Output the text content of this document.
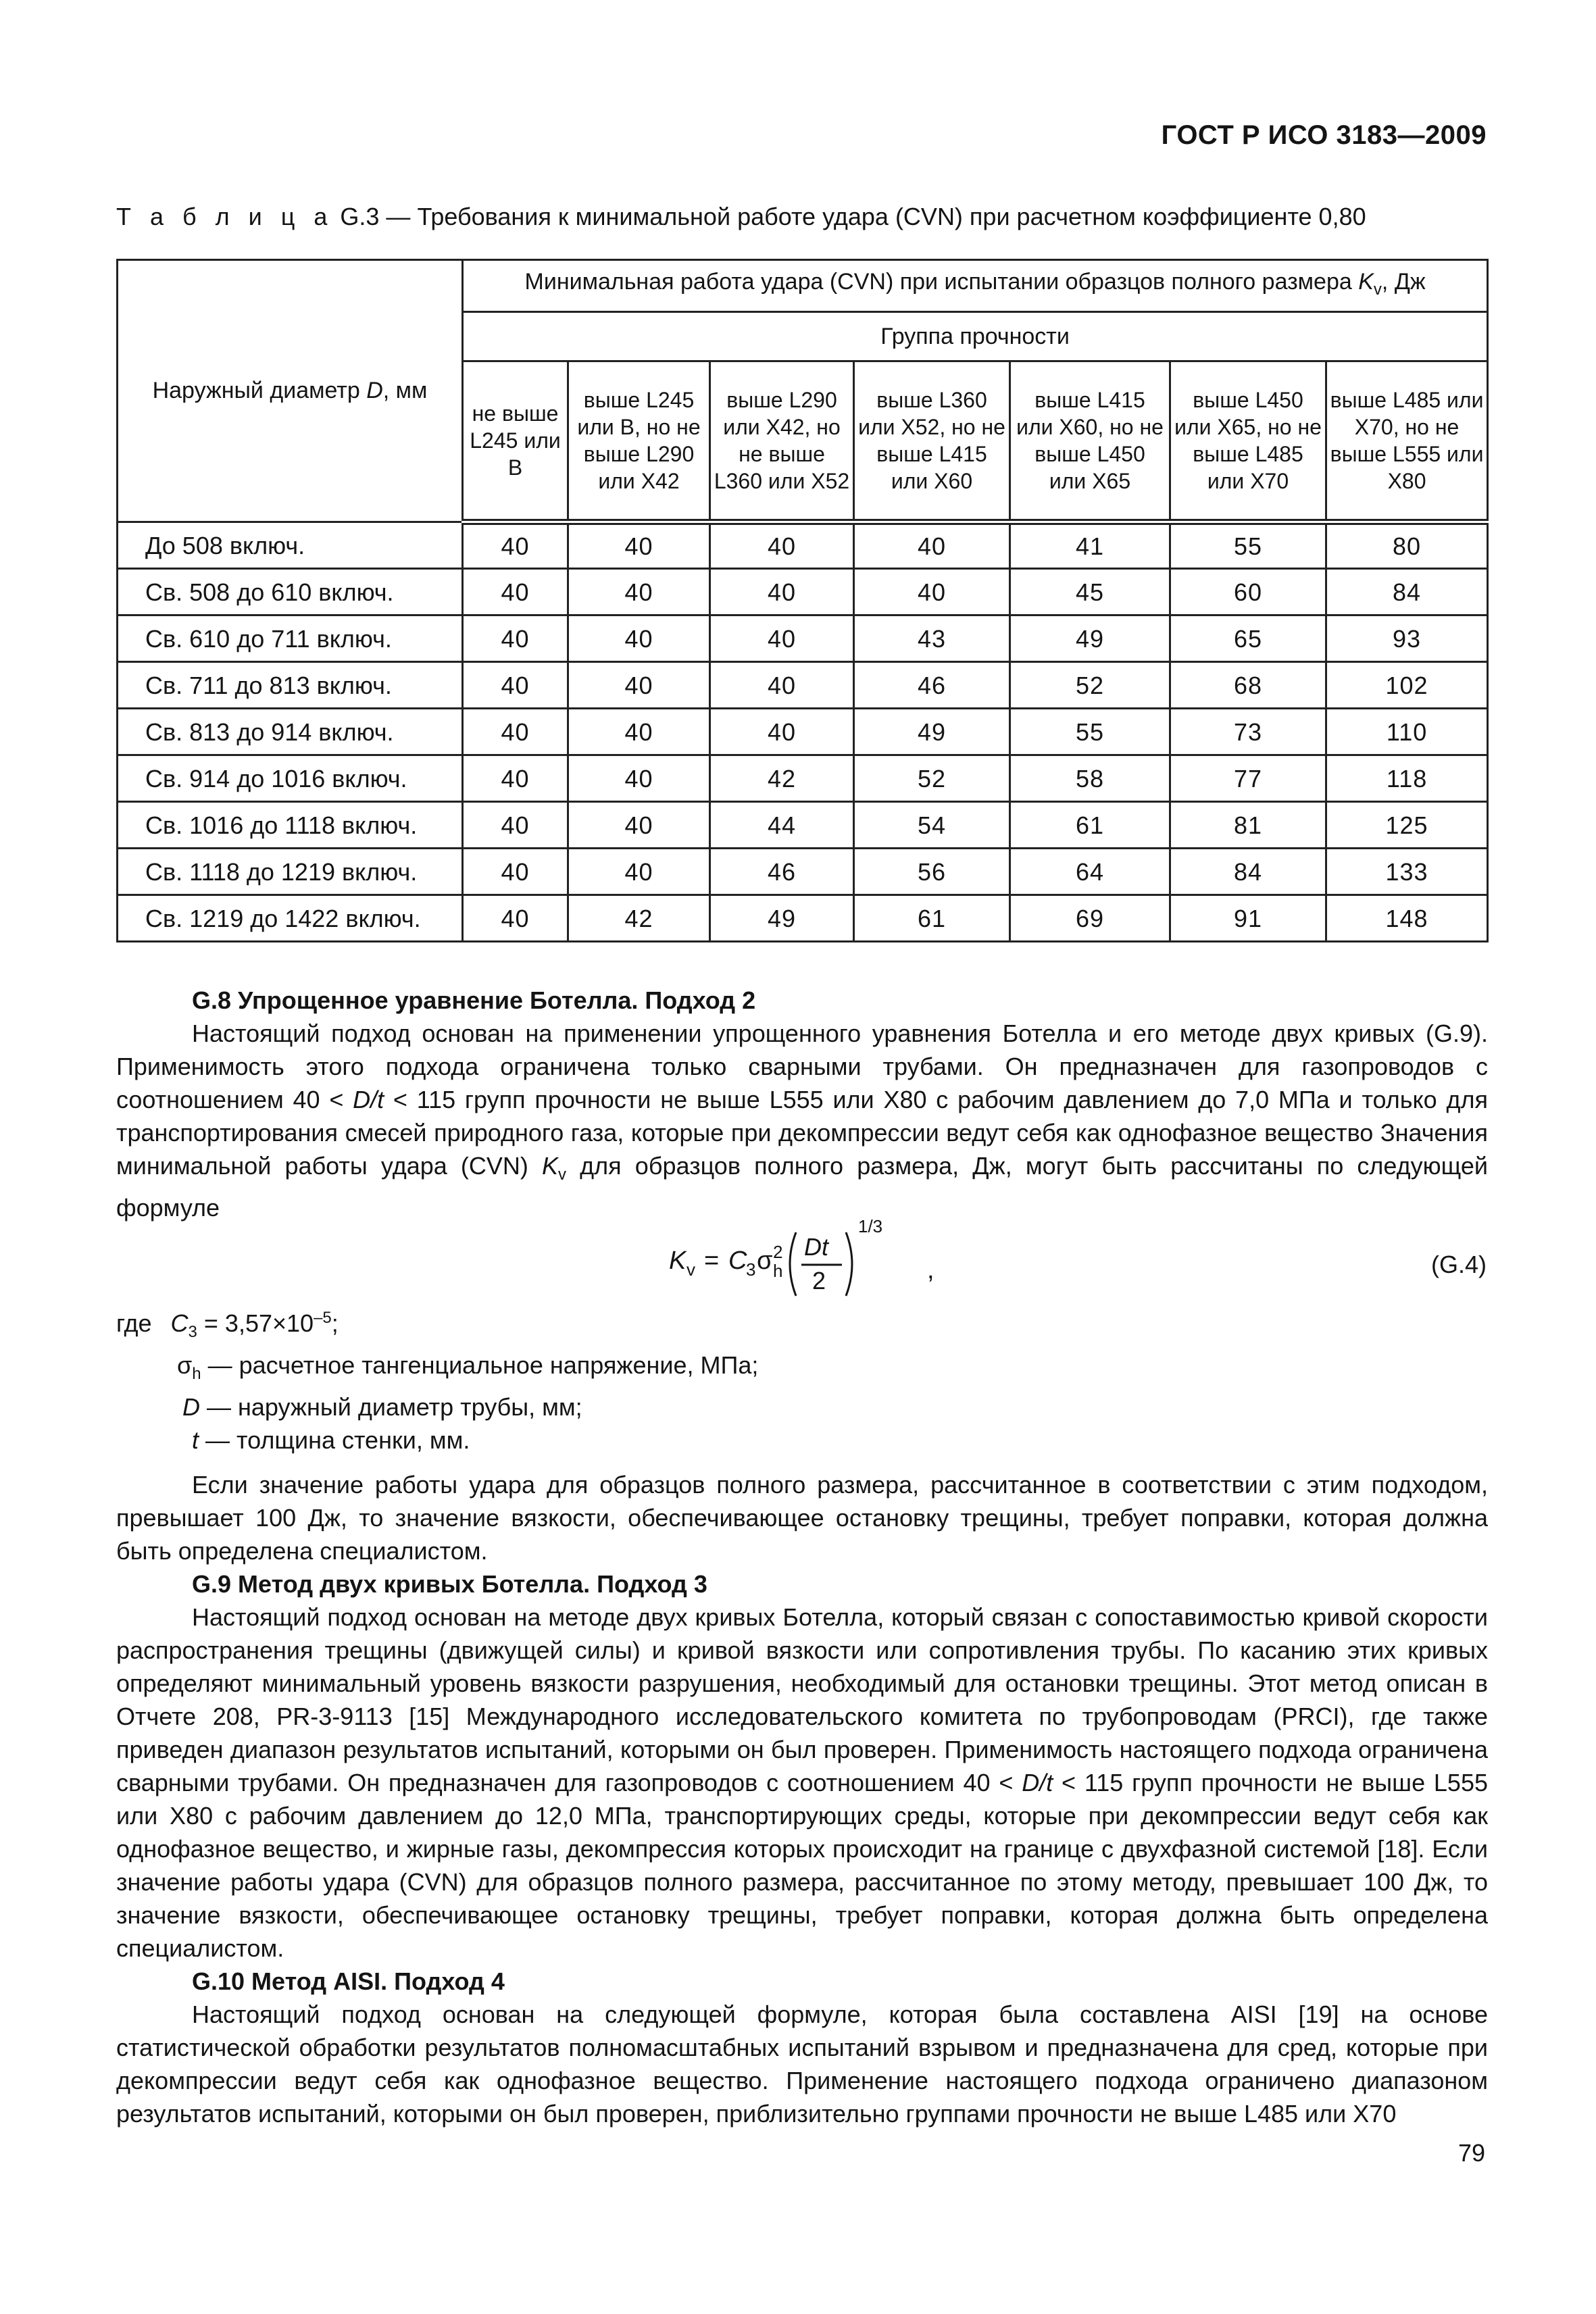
ГОСТ Р ИСО 3183—2009
Т а б л и ц а G.3 — Требования к минимальной работе удара (CVN) при расчетном коэффициенте 0,80
Наружный диаметр D, мм	Минимальная работа удара (CVN) при испытании образцов полного размера $K_v$, Дж						
	Группа прочности						
	не выше L245 или B	выше L245 или B, но не выше L290 или X42	выше L290 или X42, но не выше L360 или X52	выше L360 или X52, но не выше L415 или X60	выше L415 или X60, но не выше L450 или X65	выше L450 или X65, но не выше L485 или X70	выше L485 или X70, но не выше L555 или X80
До 508 включ.	40	40	40	40	41	55	80
Св. 508 до 610 включ.	40	40	40	40	45	60	84
Св. 610 до 711 включ.	40	40	40	43	49	65	93
Св. 711 до 813 включ.	40	40	40	46	52	68	102
Св. 813 до 914 включ.	40	40	40	49	55	73	110
Св. 914 до 1016 включ.	40	40	42	52	58	77	118
Св. 1016 до 1118 включ.	40	40	44	54	61	81	125
Св. 1118 до 1219 включ.	40	40	46	56	64	84	133
Св. 1219 до 1422 включ.	40	42	49	61	69	91	148

G.8 Упрощенное уравнение Ботелла. Подход 2

Настоящий подход основан на применении упрощенного уравнения Ботелла и его методе двух кривых (G.9). Применимость этого подхода ограничена только сварными трубами. Он предназначен для газопроводов с соотношением 40 < D/t < 115 групп прочности не выше L555 или X80 с рабочим давлением до 7,0 МПа и только для транспортирования смесей природного газа, которые при декомпрессии ведут себя как однофазное вещество Значения минимальной работы удара (CVN) $K_v$ для образцов полного размера, Дж, могут быть рассчитаны по следующей формуле

K v = C
3 σ 2
h
Dt
2
1/3
,	(G.4)
где $C_3 = 3,57\times 10^{-5}$;
$\sigma_h$ — расчетное тангенциальное напряжение, МПа;
D — наружный диаметр трубы, мм;
t — толщина стенки, мм.

Если значение работы удара для образцов полного размера, рассчитанное в соответствии с этим подходом, превышает 100 Дж, то значение вязкости, обеспечивающее остановку трещины, требует поправки, которая должна быть определена специалистом.

G.9 Метод двух кривых Ботелла. Подход 3

Настоящий подход основан на методе двух кривых Ботелла, который связан с сопоставимостью кривой скорости распространения трещины (движущей силы) и кривой вязкости или сопротивления трубы. По касанию этих кривых определяют минимальный уровень вязкости разрушения, необходимый для остановки трещины. Этот метод описан в Отчете 208, PR-3-9113 [15] Международного исследовательского комитета по трубопроводам (PRCI), где также приведен диапазон результатов испытаний, которыми он был проверен. Применимость настоящего подхода ограничена сварными трубами. Он предназначен для газопроводов с соотношением 40 < D/t < 115 групп прочности не выше L555 или X80 с рабочим давлением до 12,0 МПа, транспортирующих среды, которые при декомпрессии ведут себя как однофазное вещество, и жирные газы, декомпрессия которых происходит на границе с двухфазной системой [18]. Если значение работы удара (CVN) для образцов полного размера, рассчитанное по этому методу, превышает 100 Дж, то значение вязкости, обеспечивающее остановку трещины, требует поправки, которая должна быть определена специалистом.

G.10 Метод AISI. Подход 4

Настоящий подход основан на следующей формуле, которая была составлена AISI [19] на основе статистической обработки результатов полномасштабных испытаний взрывом и предназначена для сред, которые при декомпрессии ведут себя как однофазное вещество. Применение настоящего подхода ограничено диапазоном результатов испытаний, которыми он был проверен, приблизительно группами прочности не выше L485 или X70

79
